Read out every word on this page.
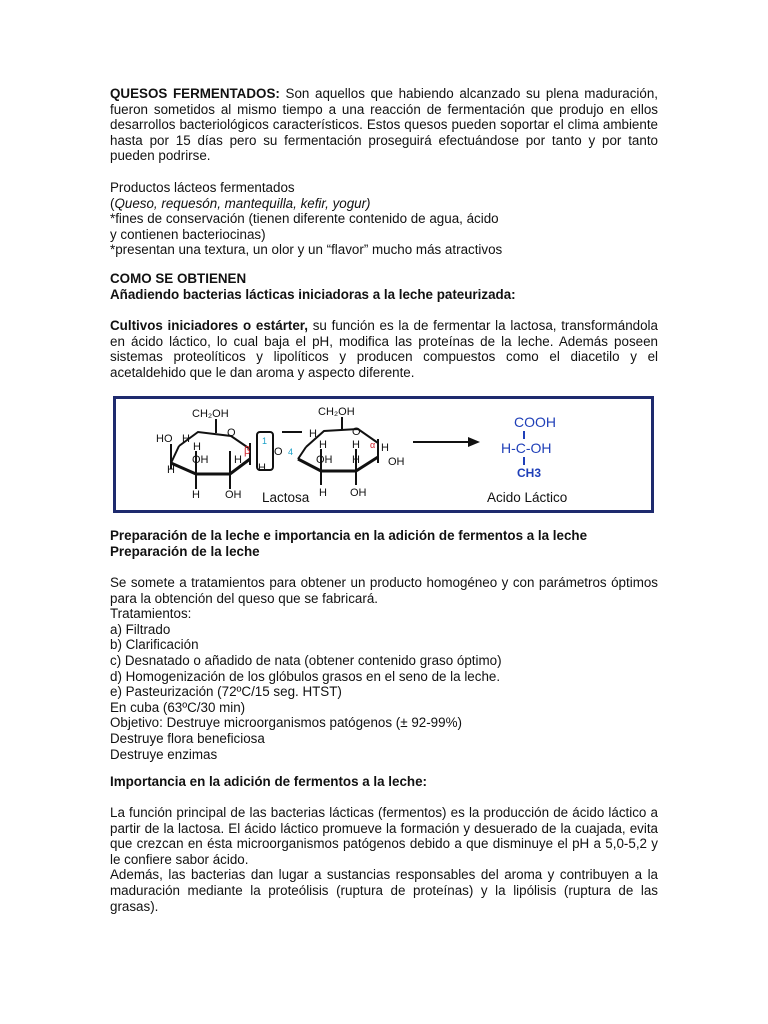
QUESOS FERMENTADOS: Son aquellos que habiendo alcanzado su plena maduración, fueron sometidos al mismo tiempo a una reacción de fermentación que produjo en ellos desarrollos bacteriológicos característicos. Estos quesos pueden soportar el clima ambiente hasta por 15 días pero su fermentación proseguirá efectuándose por tanto y por tanto pueden podrirse.

Productos lácteos fermentados
(Queso, requesón, mantequilla, kefir, yogur)
*fines de conservación (tienen diferente contenido de agua, ácido
y contienen bacteriocinas)
*presentan una textura, un olor y un “flavor” mucho más atractivos
COMO SE OBTIENEN
Añadiendo bacterias lácticas iniciadoras a la leche pateurizada:

Cultivos iniciadores o estárter, su función es la de fermentar la lactosa, transformándola en ácido láctico, lo cual baja el pH, modifica las proteínas de la leche. Además poseen sistemas proteolíticos y lipolíticos y producen compuestos como el diacetilo y el acetaldehido que le dan aroma y aspecto diferente.

CH₂OH
HO H	O
H
OH H
H
H OH
β
1
O 4
H
CH₂OH
H	O
H H
OH
H
α
OH
H
H OH
Lactosa
COOH
H-C-OH
CH3
Acido Láctico
Preparación de la leche e importancia en la adición de fermentos a la leche
Preparación de la leche

Se somete a tratamientos para obtener un producto homogéneo y con parámetros óptimos para la obtención del queso que se fabricará.

Tratamientos:
a) Filtrado
b) Clarificación
c) Desnatado o añadido de nata (obtener contenido graso óptimo)
d) Homogenización de los glóbulos grasos en el seno de la leche.
e) Pasteurización (72ºC/15 seg. HTST)
En cuba (63ºC/30 min)
Objetivo: Destruye microorganismos patógenos (± 92-99%)
Destruye flora beneficiosa
Destruye enzimas
Importancia en la adición de fermentos a la leche:

La función principal de las bacterias lácticas (fermentos) es la producción de ácido láctico a partir de la lactosa. El ácido láctico promueve la formación y desuerado de la cuajada, evita que crezcan en ésta microorganismos patógenos debido a que disminuye el pH a 5,0-5,2 y le confiere sabor ácido.

Además, las bacterias dan lugar a sustancias responsables del aroma y contribuyen a la maduración mediante la proteólisis (ruptura de proteínas) y la lipólisis (ruptura de las grasas).
